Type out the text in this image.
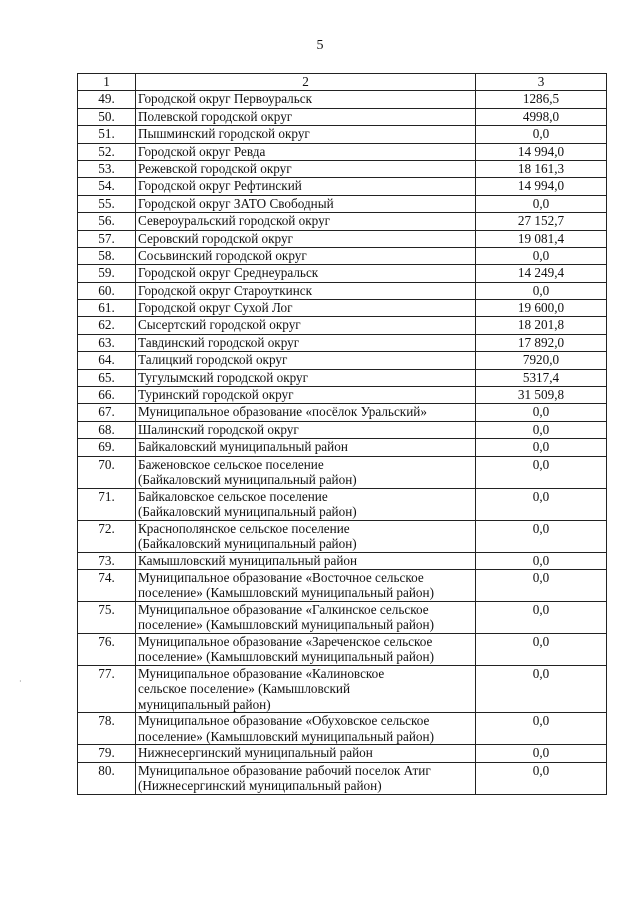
5
·
1	2	3
49.	Городской округ Первоуральск	1286,5
50.	Полевской городской округ	4998,0
51.	Пышминский городской округ	0,0
52.	Городской округ Ревда	14 994,0
53.	Режевской городской округ	18 161,3
54.	Городской округ Рефтинский	14 994,0
55.	Городской округ ЗАТО Свободный	0,0
56.	Североуральский городской округ	27 152,7
57.	Серовский городской округ	19 081,4
58.	Сосьвинский городской округ	0,0
59.	Городской округ Среднеуральск	14 249,4
60.	Городской округ Староуткинск	0,0
61.	Городской округ Сухой Лог	19 600,0
62.	Сысертский городской округ	18 201,8
63.	Тавдинский городской округ	17 892,0
64.	Талицкий городской округ	7920,0
65.	Тугулымский городской округ	5317,4
66.	Туринский городской округ	31 509,8
67.	Муниципальное образование «посёлок Уральский»	0,0
68.	Шалинский городской округ	0,0
69.	Байкаловский муниципальный район	0,0
70.	Баженовское сельское поселение
(Байкаловский муниципальный район)	0,0
71.	Байкаловское сельское поселение
(Байкаловский муниципальный район)	0,0
72.	Краснополянское сельское поселение
(Байкаловский муниципальный район)	0,0
73.	Камышловский муниципальный район	0,0
74.	Муниципальное образование «Восточное сельское
поселение» (Камышловский муниципальный район)	0,0
75.	Муниципальное образование «Галкинское сельское
поселение» (Камышловский муниципальный район)	0,0
76.	Муниципальное образование «Зареченское сельское
поселение» (Камышловский муниципальный район)	0,0
77.	Муниципальное образование «Калиновское
сельское поселение» (Камышловский
муниципальный район)	0,0
78.	Муниципальное образование «Обуховское сельское
поселение» (Камышловский муниципальный район)	0,0
79.	Нижнесергинский муниципальный район	0,0
80.	Муниципальное образование рабочий поселок Атиг
(Нижнесергинский муниципальный район)	0,0
